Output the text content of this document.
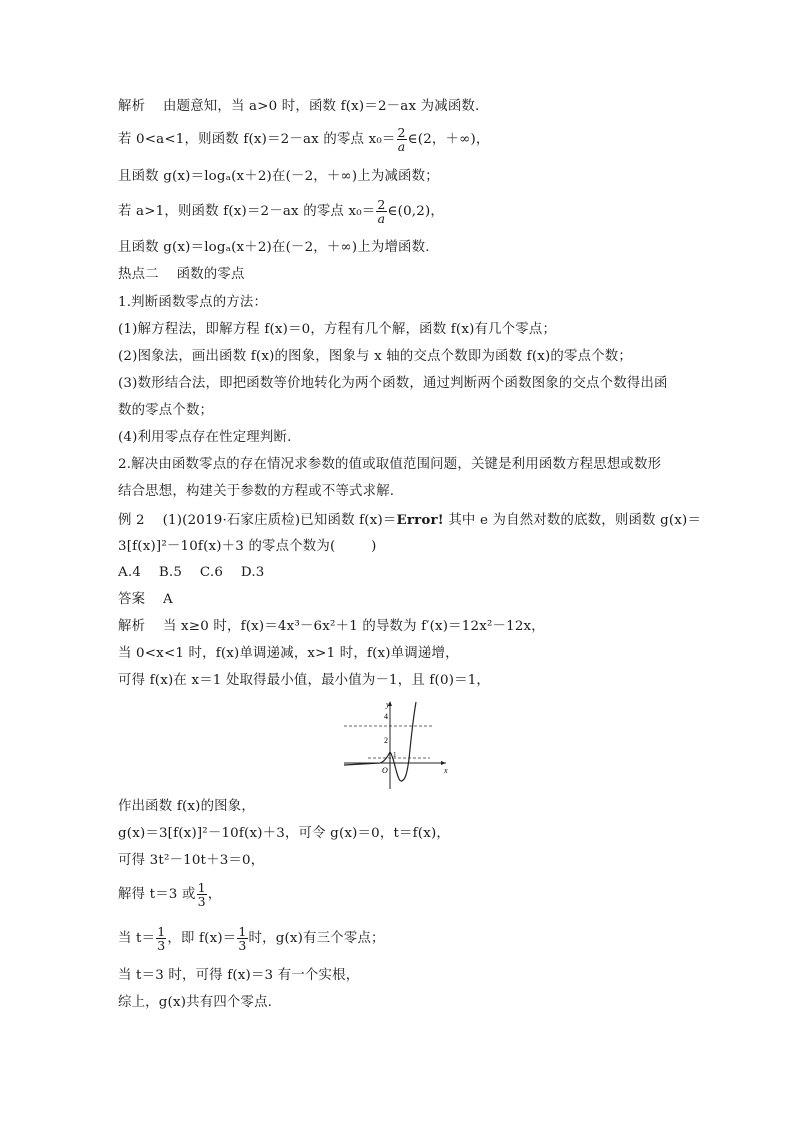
解析    由题意知，当 a>0 时，函数 f(x)＝2－ax 为减函数.
若 0<a<1，则函数 f(x)＝2－ax 的零点 $x_0= \frac{2}{a}$ ∈(2，＋∞)，
且函数 g(x)＝logₐ(x＋2)在(－2，＋∞)上为减函数；
若 a>1，则函数 f(x)＝2－ax 的零点 $x_0= \frac{2}{a}$ ∈(0,2)，
且函数 g(x)＝logₐ(x＋2)在(－2，＋∞)上为增函数.
热点二    函数的零点
1.判断函数零点的方法：
(1)解方程法，即解方程 f(x)＝0，方程有几个解，函数 f(x)有几个零点；
(2)图象法，画出函数 f(x)的图象，图象与 x 轴的交点个数即为函数 f(x)的零点个数；
(3)数形结合法，即把函数等价地转化为两个函数，通过判断两个函数图象的交点个数得出函
数的零点个数；
(4)利用零点存在性定理判断.
2.解决由函数零点的存在情况求参数的值或取值范围问题，关键是利用函数方程思想或数形
结合思想，构建关于参数的方程或不等式求解.
例 2    (1)(2019·石家庄质检)已知函数 f(x)＝Error! 其中 e 为自然对数的底数，则函数 g(x)＝
3[f(x)]²－10f(x)＋3 的零点个数为(        )
A.4    B.5    C.6    D.3
答案    A
解析    当 x≥0 时，f(x)＝4x³－6x²＋1 的导数为 f′(x)＝12x²－12x，
当 0<x<1 时，f(x)单调递减，x>1 时，f(x)单调递增，
可得 f(x)在 x＝1 处取得最小值，最小值为－1，且 f(0)＝1，
y
x
O
4
2
1
作出函数 f(x)的图象，
g(x)＝3[f(x)]²－10f(x)＋3，可令 g(x)＝0，t＝f(x)，
可得 3t²－10t＋3＝0，
解得 t＝3 或 $\frac{1}{3}$ ，
当 $t= \frac{1}{3}$ ，即 $f(x)= \frac{1}{3}$ 时，g(x)有三个零点；
当 t＝3 时，可得 f(x)＝3 有一个实根，
综上，g(x)共有四个零点.
